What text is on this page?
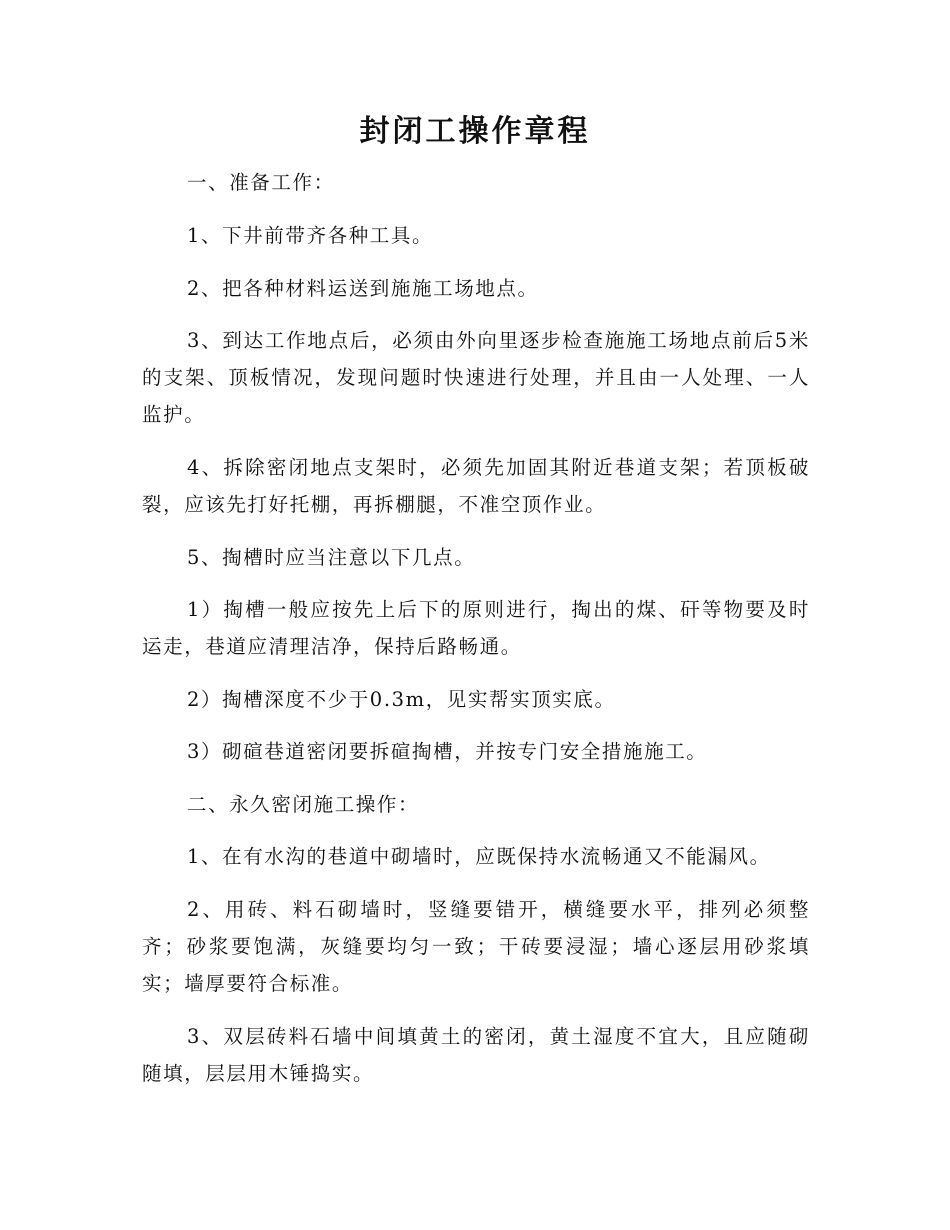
封闭工操作章程

一、准备工作：

1、下井前带齐各种工具。

2、把各种材料运送到施施工场地点。

3、到达工作地点后，必须由外向里逐步检查施施工场地点前后5米的支架、顶板情况，发现问题时快速进行处理，并且由一人处理、一人监护。

4、拆除密闭地点支架时，必须先加固其附近巷道支架；若顶板破裂，应该先打好托棚，再拆棚腿，不准空顶作业。

5、掏槽时应当注意以下几点。

1）掏槽一般应按先上后下的原则进行，掏出的煤、矸等物要及时运走，巷道应清理洁净，保持后路畅通。

2）掏槽深度不少于0.3m，见实帮实顶实底。

3）砌碹巷道密闭要拆碹掏槽，并按专门安全措施施工。

二、永久密闭施工操作：

1、在有水沟的巷道中砌墙时，应既保持水流畅通又不能漏风。

2、用砖、料石砌墙时，竖缝要错开，横缝要水平，排列必须整齐；砂浆要饱满，灰缝要均匀一致；干砖要浸湿；墙心逐层用砂浆填实；墙厚要符合标准。

3、双层砖料石墙中间填黄土的密闭，黄土湿度不宜大，且应随砌随填，层层用木锤捣实。
